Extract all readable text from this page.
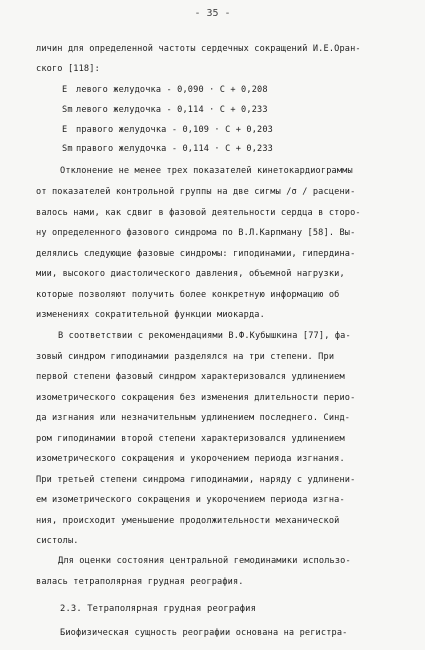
- 35 -
личин для определенной частоты сердечных сокращений И.Е.Оран-
ского [118]:
E левого желудочка - 0,090 · С + 0,208
Sm левого желудочка - 0,114 · С + 0,233
E правого желудочка - 0,109 · С + 0,203
Sm правого желудочка - 0,114 · С + 0,233
Отклонение не менее трех показателей кинетокардиограммы
от показателей контрольной группы на две сигмы /σ / расцени-
валось нами, как сдвиг в фазовой деятельности сердца в сторо-
ну определенного фазового синдрома по В.Л.Карпману [58]. Вы-
делялись следующие фазовые синдромы: гиподинамии, гипердина-
мии, высокого диастолического давления, объемной нагрузки,
которые позволяют получить более конкретную информацию об
изменениях сократительной функции миокарда.
В соответствии с рекомендациями В.Ф.Кубышкина [77], фа-
зовый синдром гиподинамии разделялся на три степени. При
первой степени фазовый синдром характеризовался удлинением
изометрического сокращения без изменения длительности перио-
да изгнания или незначительным удлинением последнего. Синд-
ром гиподинамии второй степени характеризовался удлинением
изометрического сокращения и укорочением периода изгнания.
При третьей степени синдрома гиподинамии, наряду с удлинени-
ем изометрического сокращения и укорочением периода изгна-
ния, происходит уменьшение продолжительности механической
систолы.
Для оценки состояния центральной гемодинамики использо-
валась тетраполярная грудная реография.
2.3. Тетраполярная грудная реография
Биофизическая сущность реографии основана на регистра-
